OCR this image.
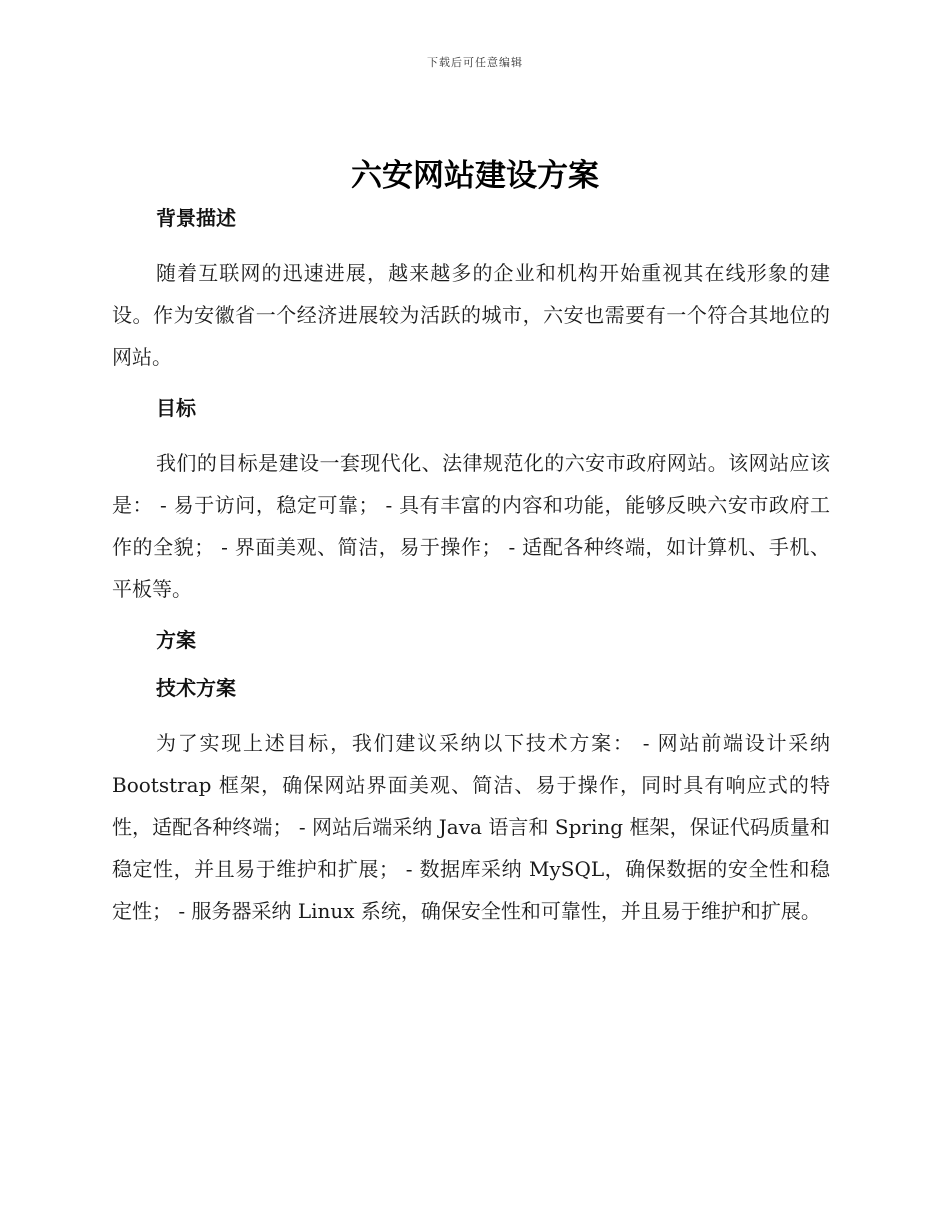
下载后可任意编辑
六安网站建设方案
背景描述

随着互联网的迅速进展，越来越多的企业和机构开始重视其在线形象的建设。作为安徽省一个经济进展较为活跃的城市，六安也需要有一个符合其地位的网站。

目标

我们的目标是建设一套现代化、法律规范化的六安市政府网站。该网站应该是： - 易于访问，稳定可靠； - 具有丰富的内容和功能，能够反映六安市政府工作的全貌； - 界面美观、简洁，易于操作； - 适配各种终端，如计算机、手机、平板等。

方案
技术方案

为了实现上述目标，我们建议采纳以下技术方案： - 网站前端设计采纳 Bootstrap 框架，确保网站界面美观、简洁、易于操作，同时具有响应式的特性，适配各种终端； - 网站后端采纳 Java 语言和 Spring 框架，保证代码质量和稳定性，并且易于维护和扩展； - 数据库采纳 MySQL，确保数据的安全性和稳定性； - 服务器采纳 Linux 系统，确保安全性和可靠性，并且易于维护和扩展。
